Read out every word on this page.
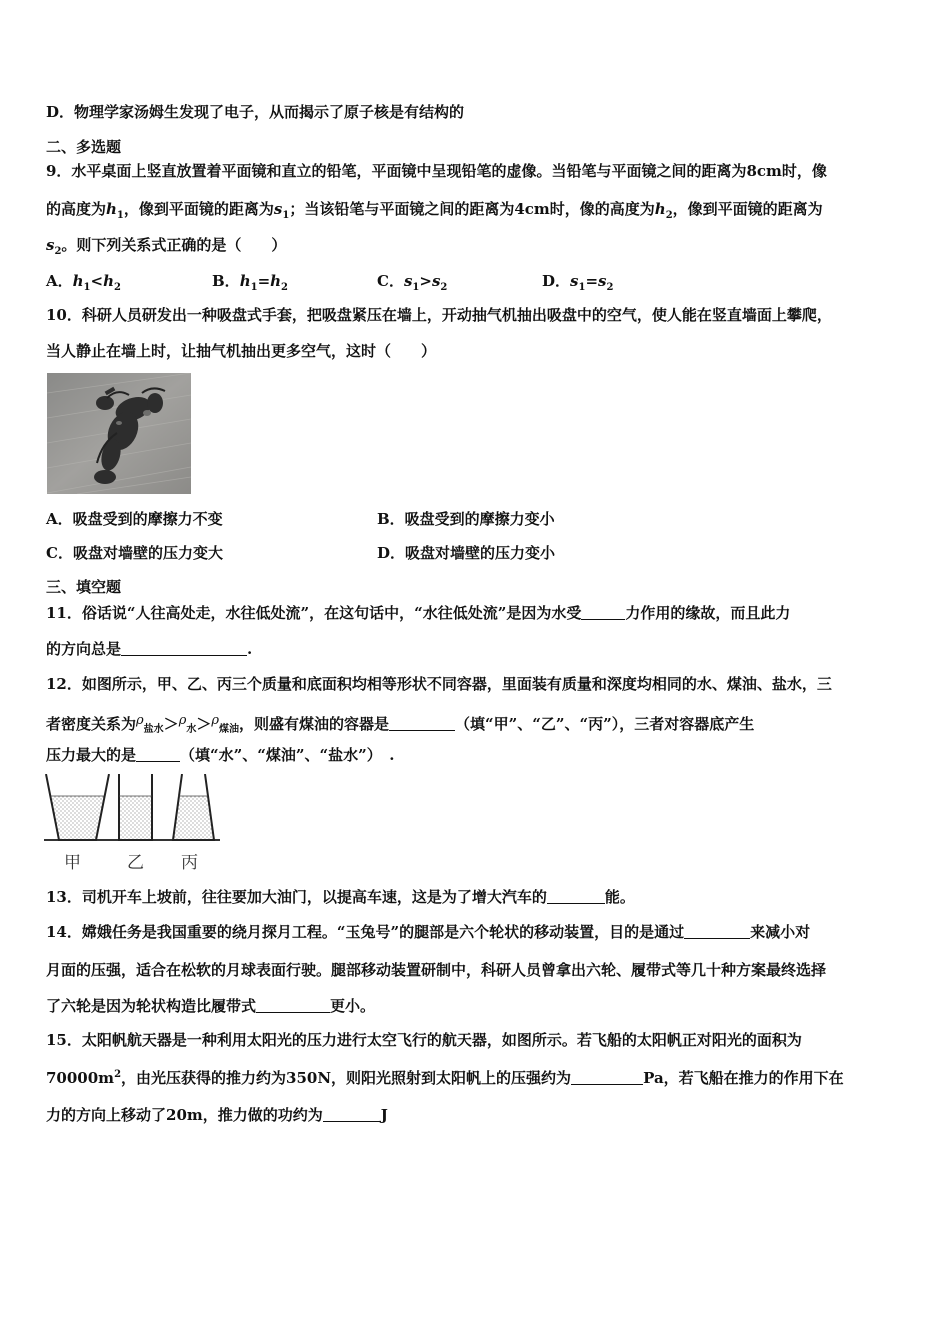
D．物理学家汤姆生发现了电子，从而揭示了原子核是有结构的
二、多选题
9．水平桌面上竖直放置着平面镜和直立的铅笔，平面镜中呈现铅笔的虚像。当铅笔与平面镜之间的距离为8cm时，像
的高度为$h_1$，像到平面镜的距离为$s_1$；当该铅笔与平面镜之间的距离为4cm时，像的高度为$h_2$，像到平面镜的距离为
$s_2$。则下列关系式正确的是（　　）
A．$h_1<h_2$	B．$h_1=h_2$	C．$s_1>s_2$	D．$s_1=s_2$
10．科研人员研发出一种吸盘式手套，把吸盘紧压在墙上，开动抽气机抽出吸盘中的空气，使人能在竖直墙面上攀爬，
当人静止在墙上时，让抽气机抽出更多空气，这时（　　）
A．吸盘受到的摩擦力不变	B．吸盘受到的摩擦力变小
C．吸盘对墙壁的压力变大	D．吸盘对墙壁的压力变小
三、填空题
11．俗话说“人往高处走，水往低处流”，在这句话中，“水往低处流”是因为水受	力作用的缘故，而且此力
的方向总是	.
12．如图所示，甲、乙、丙三个质量和底面积均相等形状不同容器，里面装有质量和深度均相同的水、煤油、盐水，三
者密度关系为$\rho_{盐水}>\rho_水>\rho_{煤油}$，则盛有煤油的容器是	（填“甲”、“乙”、“丙”），三者对容器底产生
压力最大的是	（填“水”、“煤油”、“盐水”）　.
甲	乙 丙
13．司机开车上坡前，往往要加大油门，以提高车速，这是为了增大汽车的	能。
14．嫦娥任务是我国重要的绕月探月工程。“玉兔号”的腿部是六个轮状的移动装置，目的是通过	来减小对
月面的压强，适合在松软的月球表面行驶。腿部移动装置研制中，科研人员曾拿出六轮、履带式等几十种方案最终选择
了六轮是因为轮状构造比履带式	更小。
15．太阳帆航天器是一种利用太阳光的压力进行太空飞行的航天器，如图所示。若飞船的太阳帆正对阳光的面积为
$70000m^2$，由光压获得的推力约为350N，则阳光照射到太阳帆上的压强约为	Pa，若飞船在推力的作用下在
力的方向上移动了20m，推力做的功约为	J
